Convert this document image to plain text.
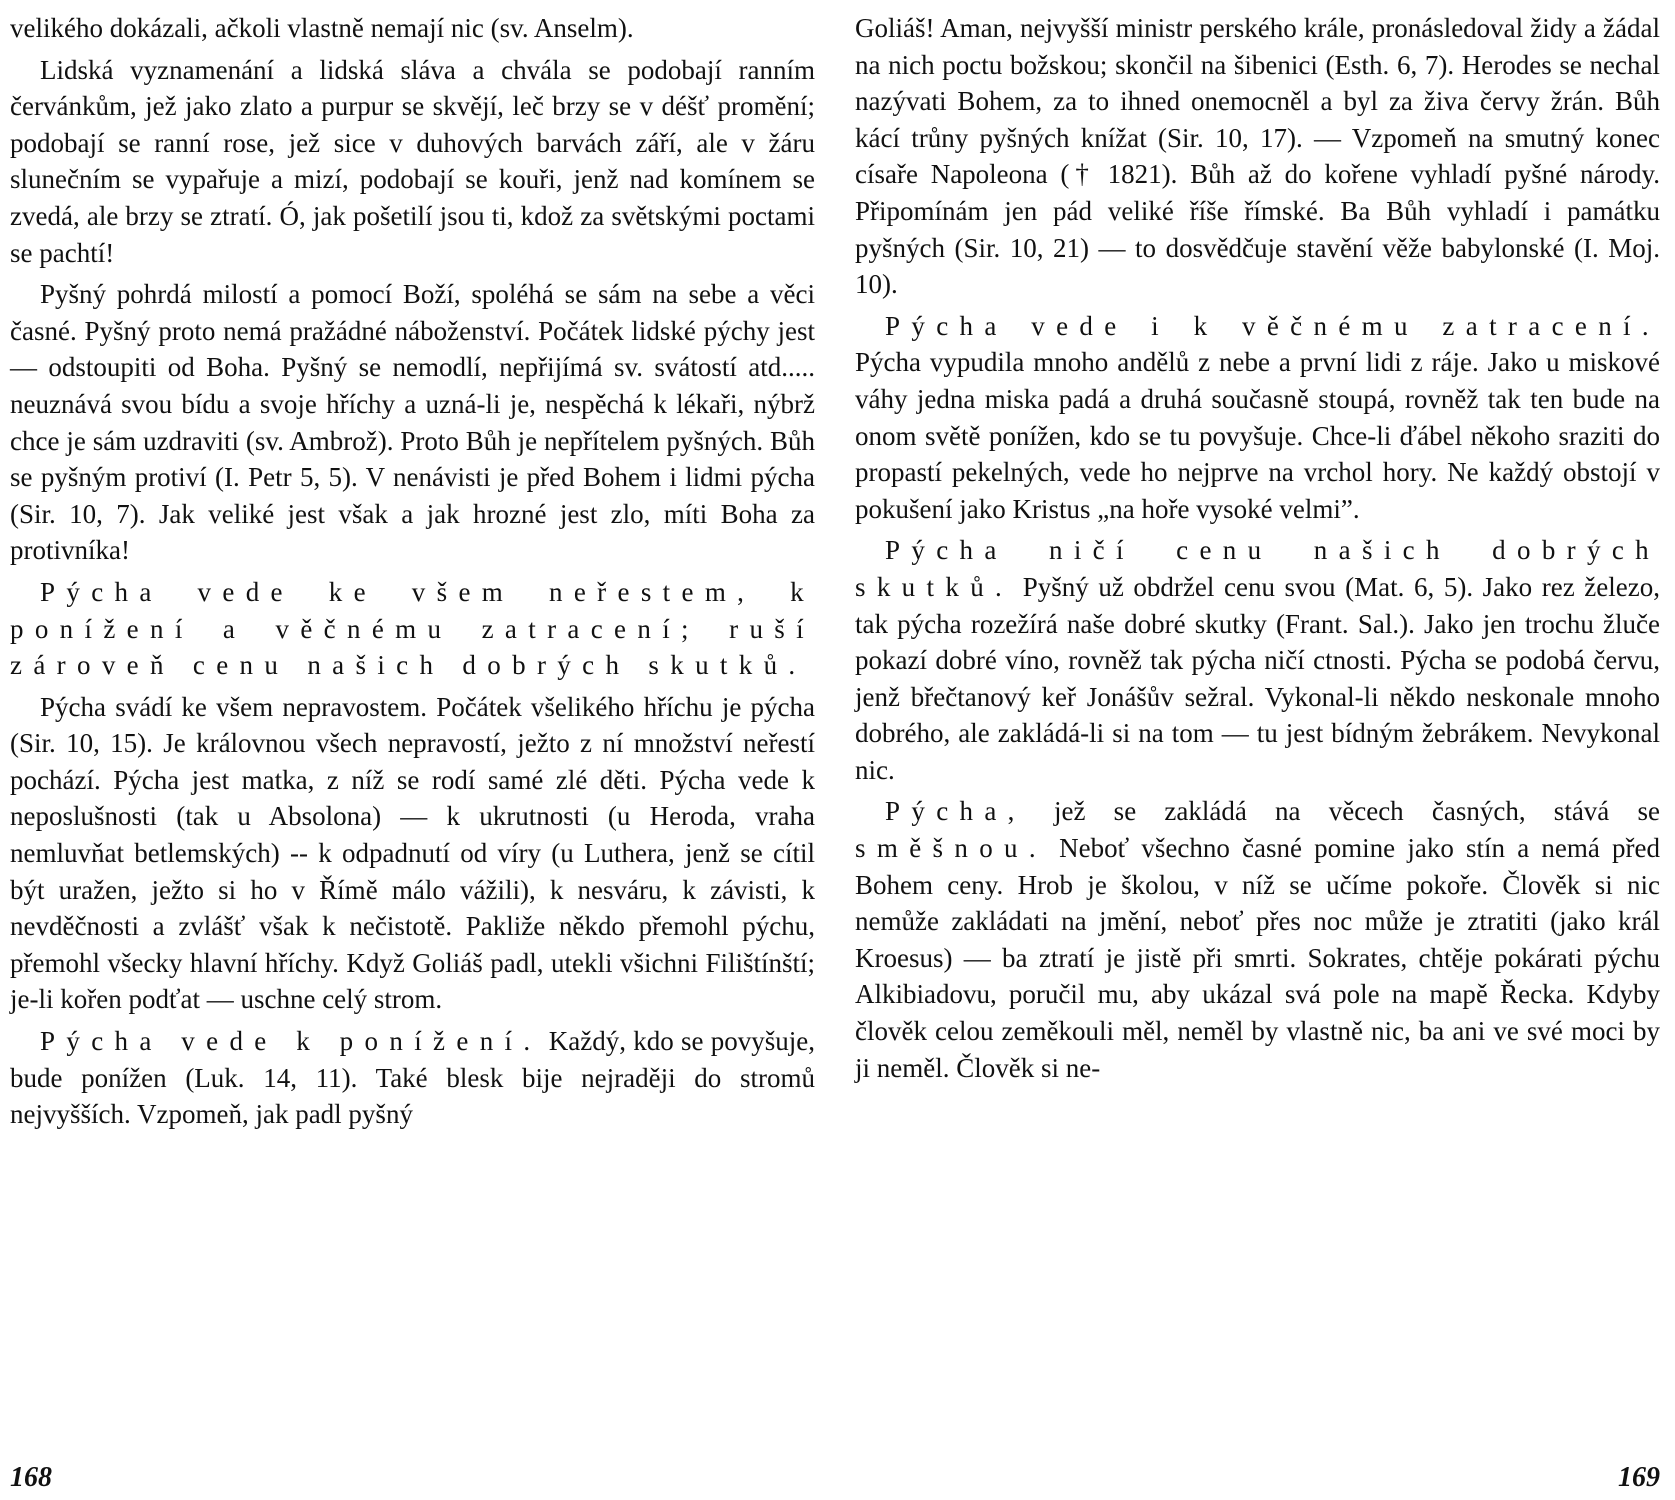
velikého dokázali, ačkoli vlastně nemají nic (sv. Anselm).

Lidská vyznamenání a lidská sláva a chvála se podobají ranním červánkům, jež jako zlato a purpur se skvějí, leč brzy se v déšť promění; podobají se ranní rose, jež sice v duhových barvách září, ale v žáru slunečním se vypařuje a mizí, podobají se kouři, jenž nad komínem se zvedá, ale brzy se ztratí. Ó, jak pošetilí jsou ti, kdož za světskými poctami se pachtí!

Pyšný pohrdá milostí a pomocí Boží, spoléhá se sám na sebe a věci časné. Pyšný proto nemá pražádné náboženství. Počátek lidské pýchy jest — odstoupiti od Boha. Pyšný se nemodlí, nepřijímá sv. svátostí atd..... neuznává svou bídu a svoje hříchy a uzná-li je, nespěchá k lékaři, nýbrž chce je sám uzdraviti (sv. Ambrož). Proto Bůh je nepřítelem pyšných. Bůh se pyšným protiví (I. Petr 5, 5). V nenávisti je před Bohem i lidmi pýcha (Sir. 10, 7). Jak veliké jest však a jak hrozné jest zlo, míti Boha za protivníka!

Pýcha vede ke všem neřestem, k ponížení a věčnému zatracení; ruší zároveň cenu našich dobrých skutků.

Pýcha svádí ke všem nepravostem. Počátek všelikého hříchu je pýcha (Sir. 10, 15). Je královnou všech nepravostí, ježto z ní množství neřestí pochází. Pýcha jest matka, z níž se rodí samé zlé děti. Pýcha vede k neposlušnosti (tak u Absolona) — k ukrutnosti (u Heroda, vraha nemluvňat betlemských) -- k odpadnutí od víry (u Luthera, jenž se cítil být uražen, ježto si ho v Římě málo vážili), k nesváru, k závisti, k nevděčnosti a zvlášť však k nečistotě. Pakliže někdo přemohl pýchu, přemohl všecky hlavní hříchy. Když Goliáš padl, utekli všichni Filištínští; je-li kořen podťat — uschne celý strom.

Pýcha vede k ponížení. Každý, kdo se povyšuje, bude ponížen (Luk. 14, 11). Také blesk bije nejraději do stromů nejvyšších. Vzpomeň, jak padl pyšný

168

Goliáš! Aman, nejvyšší ministr perského krále, pronásledoval židy a žádal na nich poctu božskou; skončil na šibenici (Esth. 6, 7). Herodes se nechal nazývati Bohem, za to ihned onemocněl a byl za živa červy žrán. Bůh kácí trůny pyšných knížat (Sir. 10, 17). — Vzpomeň na smutný konec císaře Napoleona († 1821). Bůh až do kořene vyhladí pyšné národy. Připomínám jen pád veliké říše římské. Ba Bůh vyhladí i památku pyšných (Sir. 10, 21) — to dosvědčuje stavění věže babylonské (I. Moj. 10).

Pýcha vede i k věčnému zatracení. Pýcha vypudila mnoho andělů z nebe a první lidi z ráje. Jako u miskové váhy jedna miska padá a druhá současně stoupá, rovněž tak ten bude na onom světě ponížen, kdo se tu povyšuje. Chce-li ďábel někoho sraziti do propastí pekelných, vede ho nejprve na vrchol hory. Ne každý obstojí v pokušení jako Kristus „na hoře vysoké velmi”.

Pýcha ničí cenu našich dobrých skutků. Pyšný už obdržel cenu svou (Mat. 6, 5). Jako rez železo, tak pýcha rozežírá naše dobré skutky (Frant. Sal.). Jako jen trochu žluče pokazí dobré víno, rovněž tak pýcha ničí ctnosti. Pýcha se podobá červu, jenž břečtanový keř Jonášův sežral. Vykonal-li někdo neskonale mnoho dobrého, ale zakládá-li si na tom — tu jest bídným žebrákem. Nevykonal nic.

Pýcha, jež se zakládá na věcech časných, stává se směšnou. Neboť všechno časné pomine jako stín a nemá před Bohem ceny. Hrob je školou, v níž se učíme pokoře. Člověk si nic nemůže zakládati na jmění, neboť přes noc může je ztratiti (jako král Kroesus) — ba ztratí je jistě při smrti. Sokrates, chtěje pokárati pýchu Alkibiadovu, poručil mu, aby ukázal svá pole na mapě Řecka. Kdyby člověk celou zeměkouli měl, neměl by vlastně nic, ba ani ve své moci by ji neměl. Člověk si ne-

169
